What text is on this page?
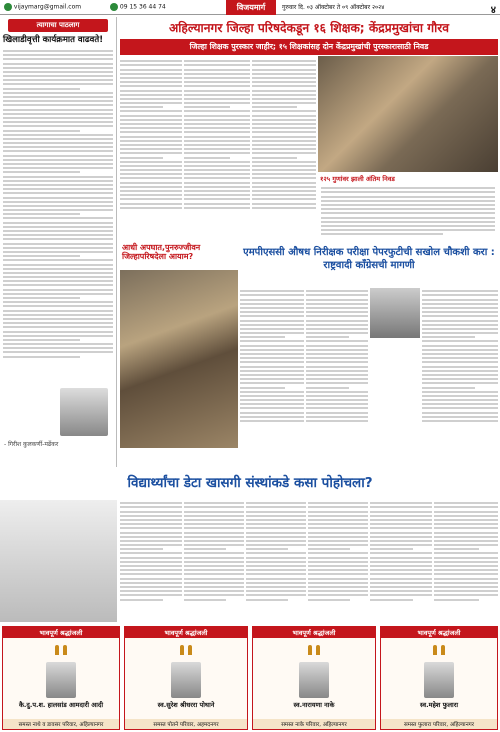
vijaymarg@gmail.com	09 15 36 44 74	विजयमार्ग	गुरुवार दि. ०३ ऑक्टोबर ते ०९ ऑक्टोबर २०२४	४
त्यागाचा पाठलाग
खिलाडीवृत्ती कार्यक्रमात वाढवते!
- गिरीश कुलकर्णी-मर्ढेकर
अहिल्यानगर जिल्हा परिषदेकडून १६ शिक्षक; केंद्रप्रमुखांचा गौरव
जिल्हा शिक्षक पुरस्कार जाहीर; १५ शिक्षकांसह दोन केंद्रप्रमुखांची पुरस्कारासाठी निवड
१२५ गुणांवर झाली अंतिम निवड
आधी अपघात,पुनरुज्जीवन जिल्हापरिषदेला आयाम?	एमपीएससी औषध निरीक्षक परीक्षा पेपरफुटीची सखोल चौकशी करा : राष्ट्रवादी काँग्रेसची मागणी
विद्यार्थ्यांचा डेटा खासगी संस्थांकडे कसा पोहोचला?
भावपूर्ण श्रद्धांजली
कै.दु.प.श. हालसांड आमदारी आदी
समस्त नाथे व डावसर परिवार, अहिल्यानगर
भावपूर्ण श्रद्धांजली
स्व.सुरेश श्रीधररा पोथाने
समस्त पोतने परिवार, अहमदनगर
भावपूर्ण श्रद्धांजली
स्व.नारायणा नाके
समस्त नाके परिवार, अहिल्यानगर
भावपूर्ण श्रद्धांजली
स्व.महेश फुलारा
समस्त फुलारा परिवार, अहिल्यानगर
